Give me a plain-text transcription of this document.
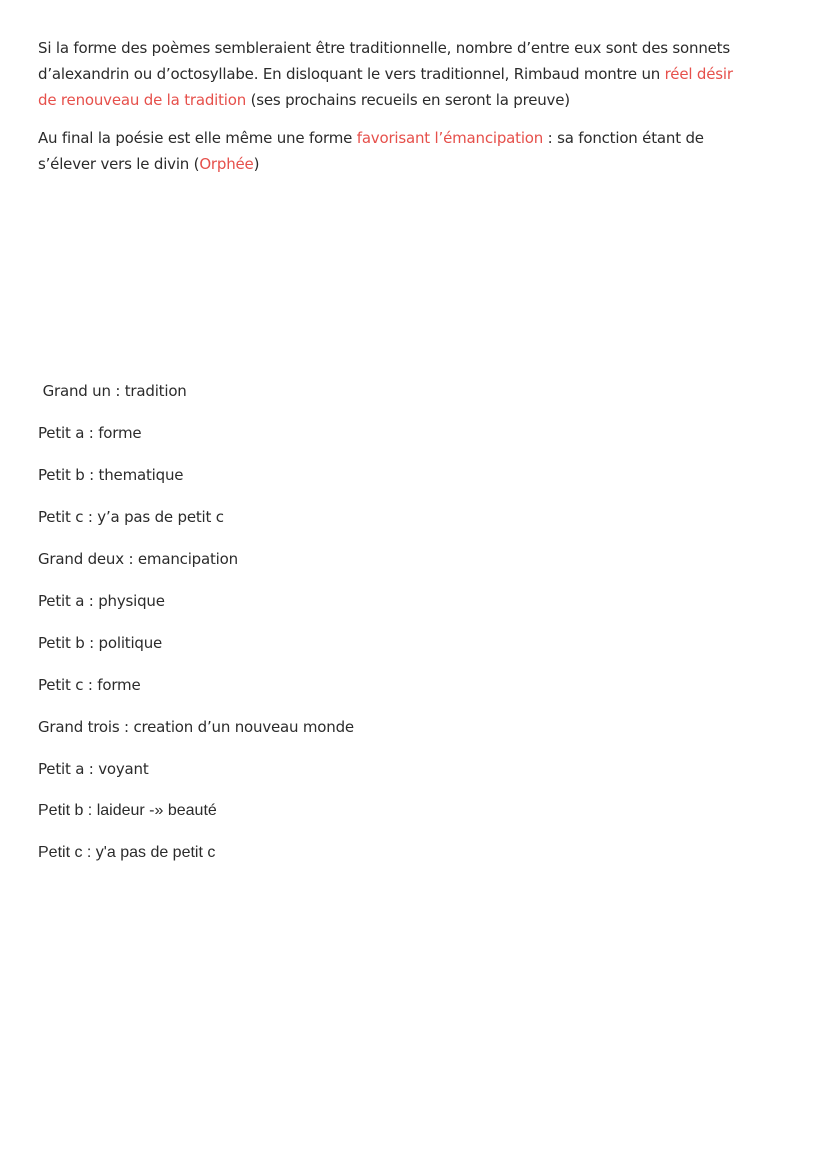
Si la forme des poèmes sembleraient être traditionnelle, nombre d’entre eux sont des sonnets
d’alexandrin ou d’octosyllabe. En disloquant le vers traditionnel, Rimbaud montre un réel désir
de renouveau de la tradition (ses prochains recueils en seront la preuve)
Au final la poésie est elle même une forme favorisant l’émancipation : sa fonction étant de
s’élever vers le divin (Orphée)
Grand un : tradition
Petit a : forme
Petit b : thematique
Petit c : y’a pas de petit c
Grand deux : emancipation
Petit a : physique
Petit b : politique
Petit c : forme
Grand trois : creation d’un nouveau monde
Petit a : voyant
Petit b : laideur -» beauté
Petit c : y'a pas de petit c
